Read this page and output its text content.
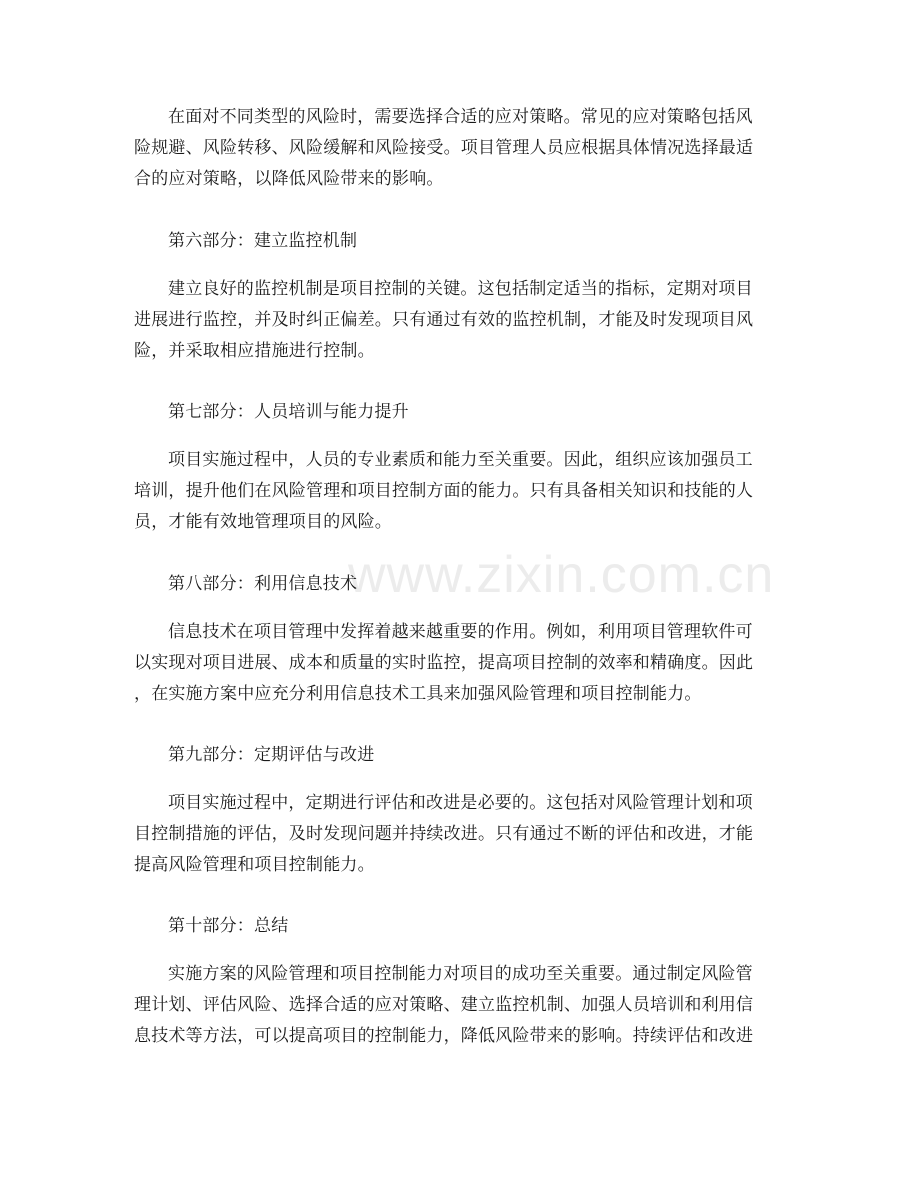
www.zixin.com.cn

在面对不同类型的风险时，需要选择合适的应对策略。常见的应对策略包括风
险规避、风险转移、风险缓解和风险接受。项目管理人员应根据具体情况选择最适
合的应对策略，以降低风险带来的影响。

第六部分：建立监控机制

建立良好的监控机制是项目控制的关键。这包括制定适当的指标，定期对项目
进展进行监控，并及时纠正偏差。只有通过有效的监控机制，才能及时发现项目风
险，并采取相应措施进行控制。

第七部分：人员培训与能力提升

项目实施过程中，人员的专业素质和能力至关重要。因此，组织应该加强员工
培训，提升他们在风险管理和项目控制方面的能力。只有具备相关知识和技能的人
员，才能有效地管理项目的风险。

第八部分：利用信息技术

信息技术在项目管理中发挥着越来越重要的作用。例如，利用项目管理软件可
以实现对项目进展、成本和质量的实时监控，提高项目控制的效率和精确度。因此
，在实施方案中应充分利用信息技术工具来加强风险管理和项目控制能力。

第九部分：定期评估与改进

项目实施过程中，定期进行评估和改进是必要的。这包括对风险管理计划和项
目控制措施的评估，及时发现问题并持续改进。只有通过不断的评估和改进，才能
提高风险管理和项目控制能力。

第十部分：总结

实施方案的风险管理和项目控制能力对项目的成功至关重要。通过制定风险管
理计划、评估风险、选择合适的应对策略、建立监控机制、加强人员培训和利用信
息技术等方法，可以提高项目的控制能力，降低风险带来的影响。持续评估和改进
